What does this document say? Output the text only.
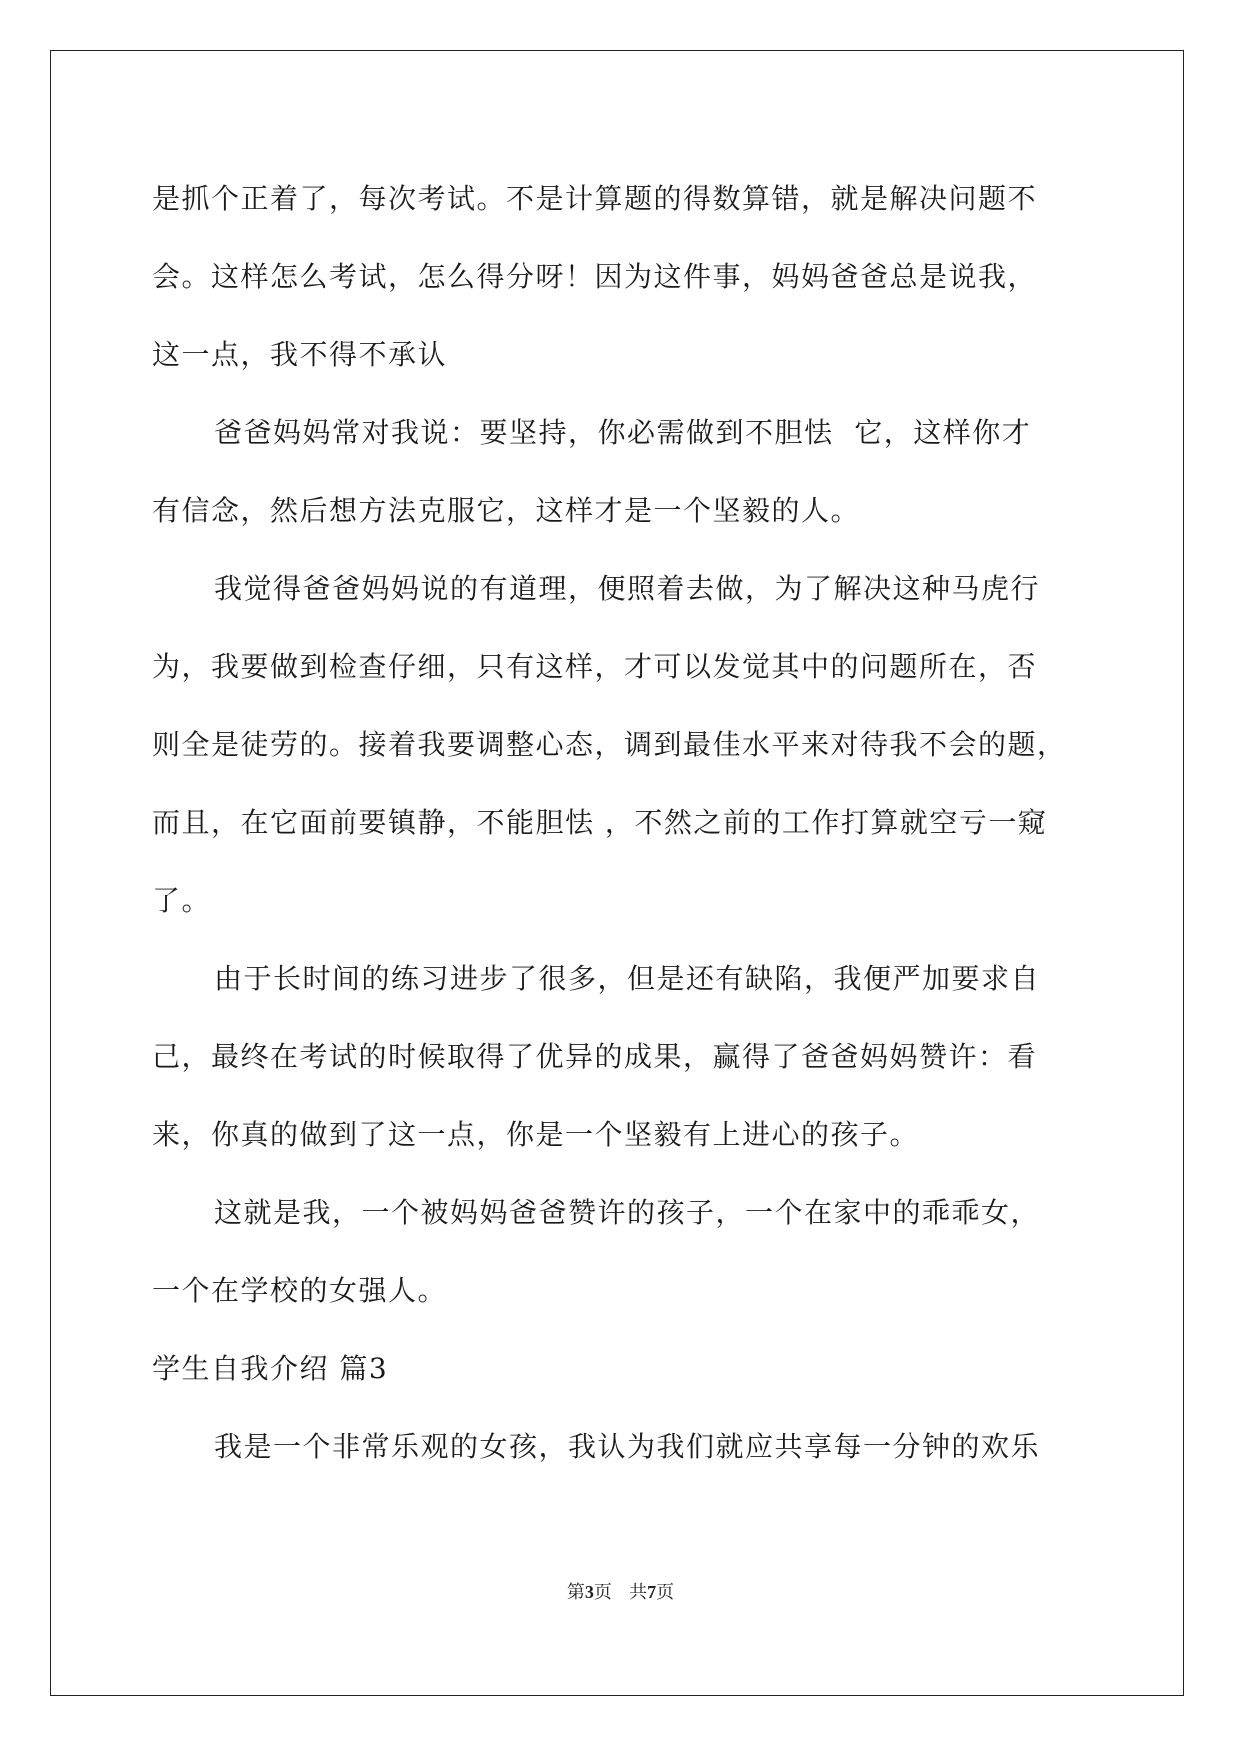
是抓个正着了，每次考试。不是计算题的得数算错，就是解决问题不
会。这样怎么考试，怎么得分呀！因为这件事，妈妈爸爸总是说我，
这一点，我不得不承认
爸爸妈妈常对我说：要坚持，你必需做到不胆怯  它，这样你才
有信念，然后想方法克服它，这样才是一个坚毅的人。
我觉得爸爸妈妈说的有道理，便照着去做，为了解决这种马虎行
为，我要做到检查仔细，只有这样，才可以发觉其中的问题所在，否
则全是徒劳的。接着我要调整心态，调到最佳水平来对待我不会的题，
而且，在它面前要镇静，不能胆怯 ，不然之前的工作打算就空亏一窥
了。
由于长时间的练习进步了很多，但是还有缺陷，我便严加要求自
己，最终在考试的时候取得了优异的成果，赢得了爸爸妈妈赞许：看
来，你真的做到了这一点，你是一个坚毅有上进心的孩子。
这就是我，一个被妈妈爸爸赞许的孩子，一个在家中的乖乖女，
一个在学校的女强人。
学生自我介绍 篇3
我是一个非常乐观的女孩，我认为我们就应共享每一分钟的欢乐
第3页   共7页
